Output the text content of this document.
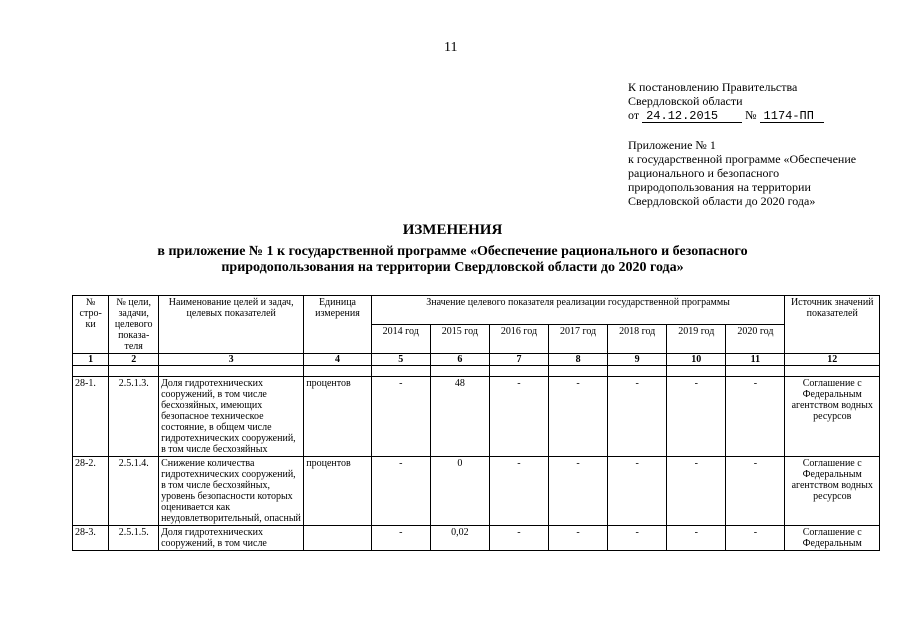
11
К постановлению Правительства
Свердловской области
от 24.12.2015 № 1174-ПП
Приложение № 1
к государственной программе «Обеспечение
рационального и безопасного
природопользования на территории
Свердловской области до 2020 года»
ИЗМЕНЕНИЯ
в приложение № 1 к государственной программе «Обеспечение рационального и безопасного
природопользования на территории Свердловской области до 2020 года»
№ стро-ки	№ цели, задачи, целевого показа-теля	Наименование целей и задач, целевых показателей	Единица измерения	Значение целевого показателя реализации государственной программы							Источник значений показателей
				2014 год	2015 год	2016 год	2017 год	2018 год	2019 год	2020 год	
1	2	3	4	5	6	7	8	9	10	11	12

28-1.	2.5.1.3.	Доля гидротехнических сооружений, в том числе бесхозяйных, имеющих безопасное техническое состояние, в общем числе гидротехнических сооружений, в том числе бесхозяйных	процентов	-	48	-	-	-	-	-	Соглашение с Федеральным агентством водных ресурсов
28-2.	2.5.1.4.	Снижение количества гидротехнических сооружений, в том числе бесхозяйных, уровень безопасности которых оценивается как неудовлетворительный, опасный	процентов	-	0	-	-	-	-	-	Соглашение с Федеральным агентством водных ресурсов
28-3.	2.5.1.5.	Доля гидротехнических сооружений, в том числе		-	0,02	-	-	-	-	-	Соглашение с Федеральным
